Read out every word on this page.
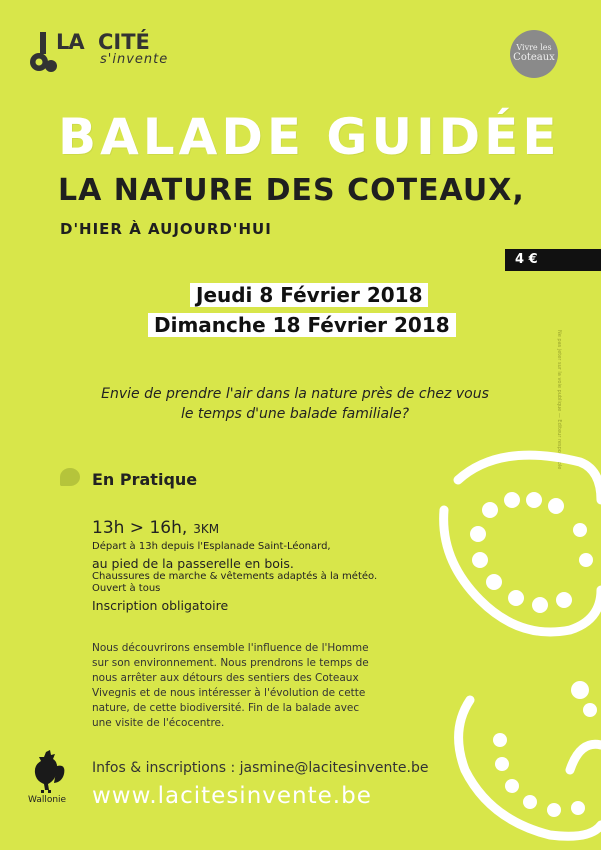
LA CITÉ
s'invente
Vivre les
Coteaux
BALADE GUIDÉE
LA NATURE DES COTEAUX,
D'HIER À AUJOURD'HUI
4 €
Jeudi 8 Février 2018
Dimanche 18 Février 2018
Ne pas jeter sur la voie publique — Editeur responsable
Envie de prendre l'air dans la nature près de chez vous
le temps d'une balade familiale?
En Pratique
13h > 16h, 3KM
Départ à 13h depuis l'Esplanade Saint-Léonard,
au pied de la passerelle en bois.
Chaussures de marche & vêtements adaptés à la météo.
Ouvert à tous
Inscription obligatoire

Nous découvrirons ensemble l'influence de l'Homme

sur son environnement. Nous prendrons le temps de

nous arrêter aux détours des sentiers des Coteaux

Vivegnis et de nous intéresser à l'évolution de cette

nature, de cette biodiversité. Fin de la balade avec

une visite de l'écocentre.

Infos & inscriptions : jasmine@lacitesinvente.be
www.lacitesinvente.be
Wallonie
